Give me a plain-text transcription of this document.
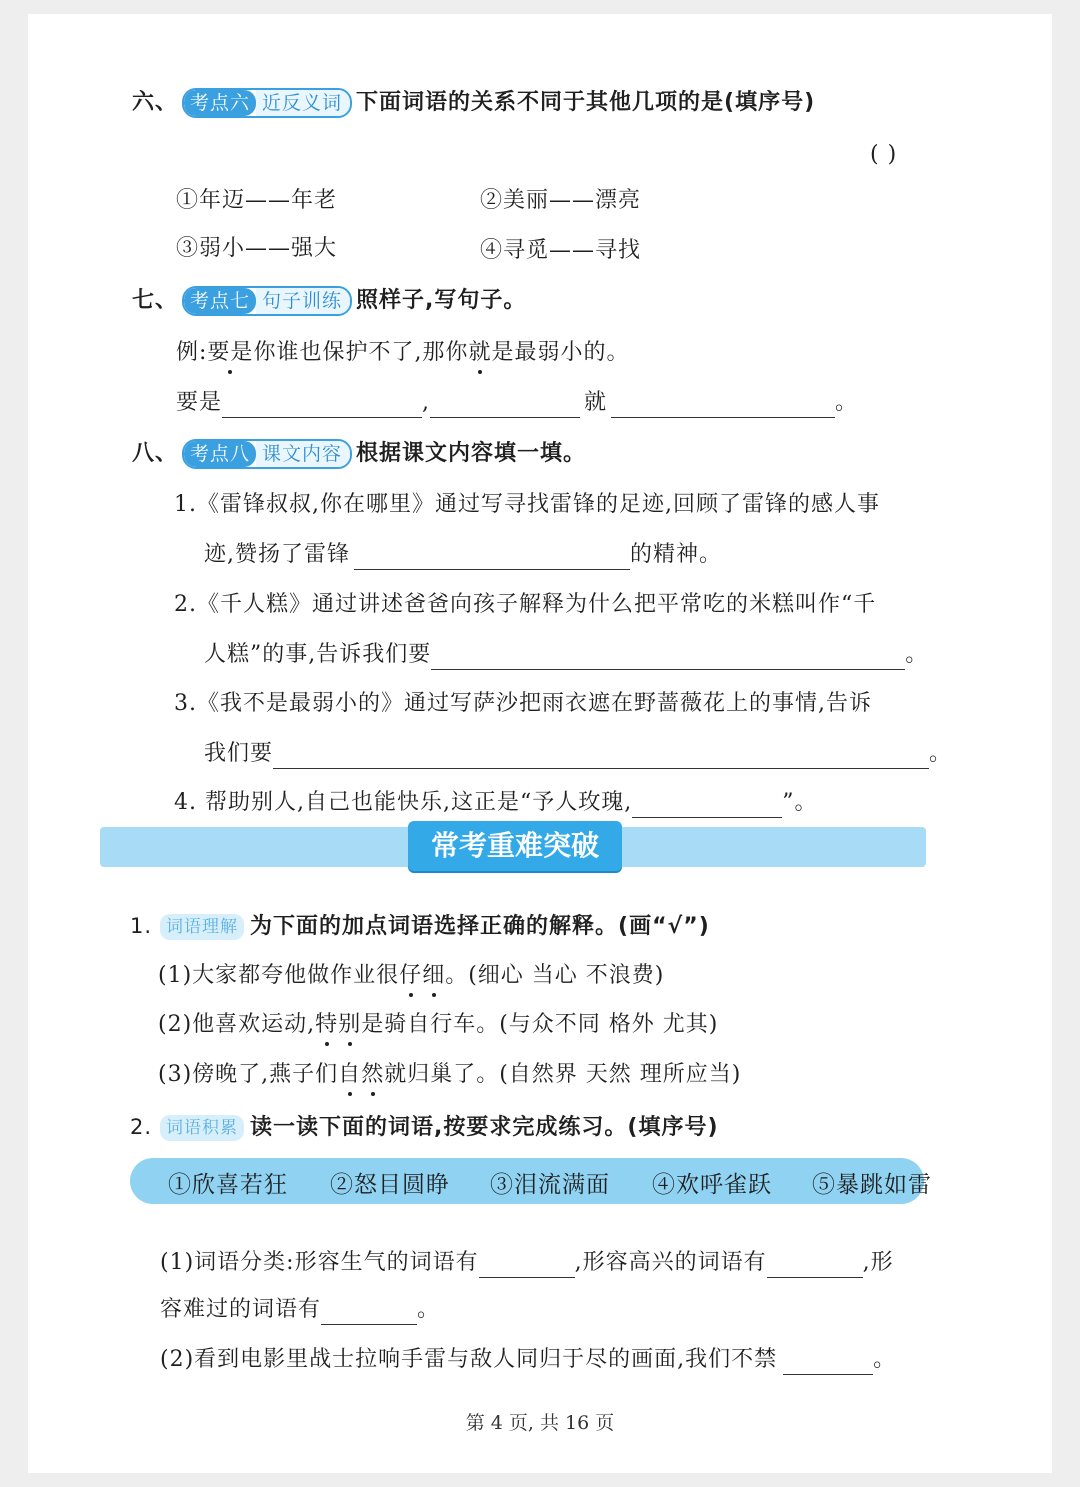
六、 考点六 近反义词 下面词语的关系不同于其他几项的是(填序号)
( )
①年迈——年老	②美丽——漂亮
③弱小——强大	④寻觅——寻找
七、 考点七 句子训练 照样子,写句子。
例:要是你谁也保护不了,那你就是最弱小的。
要是	,	就	。
八、 考点八 课文内容 根据课文内容填一填。
1.《雷锋叔叔,你在哪里》通过写寻找雷锋的足迹,回顾了雷锋的感人事
迹,赞扬了雷锋	的精神。
2.《千人糕》通过讲述爸爸向孩子解释为什么把平常吃的米糕叫作“千
人糕”的事,告诉我们要	。
3.《我不是最弱小的》通过写萨沙把雨衣遮在野蔷薇花上的事情,告诉
我们要	。
4. 帮助别人,自己也能快乐,这正是“予人玫瑰,	”。
常考重难突破
1. 词语理解 为下面的加点词语选择正确的解释。(画“√”)
(1)大家都夸他做作业很仔细。(细心 当心 不浪费)
(2)他喜欢运动,特别是骑自行车。(与众不同 格外 尤其)
(3)傍晚了,燕子们自然就归巢了。(自然界 天然 理所应当)
2. 词语积累 读一读下面的词语,按要求完成练习。(填序号)
①欣喜若狂 ②怒目圆睁 ③泪流满面 ④欢呼雀跃 ⑤暴跳如雷
(1)词语分类:形容生气的词语有	,形容高兴的词语有	,形
容难过的词语有	。
(2)看到电影里战士拉响手雷与敌人同归于尽的画面,我们不禁	。
第 4 页, 共 16 页
